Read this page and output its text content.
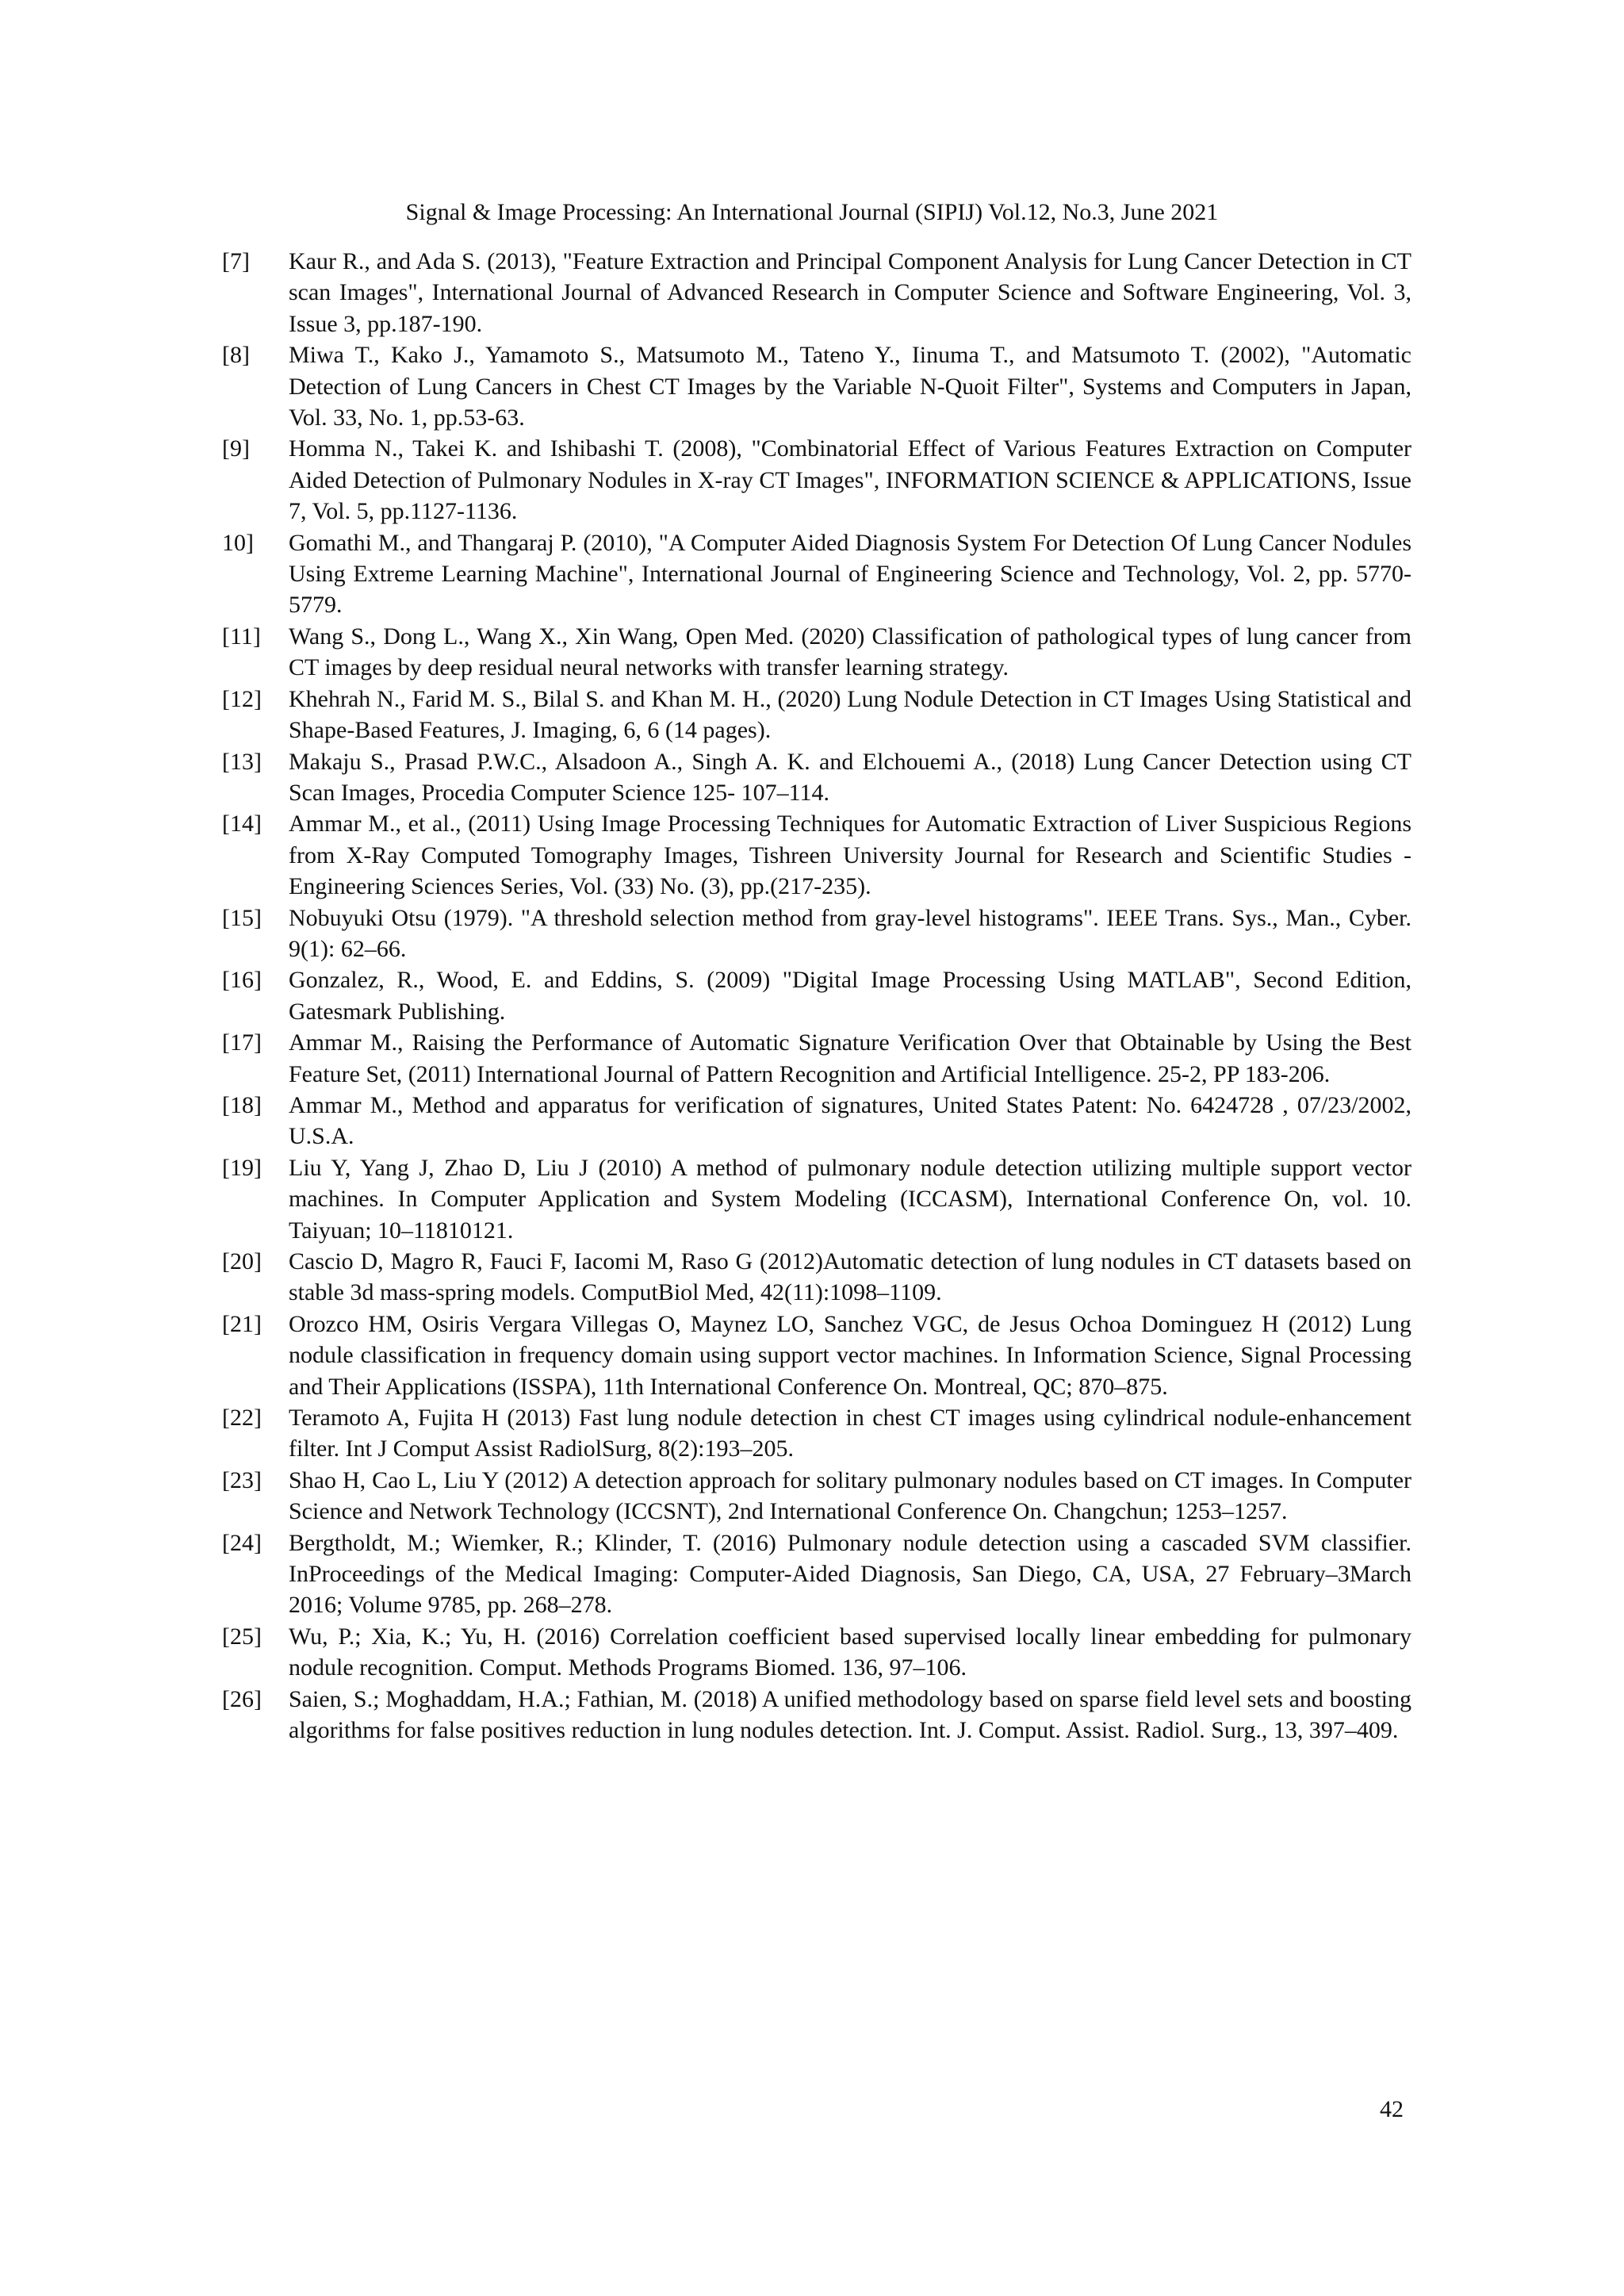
Signal & Image Processing: An International Journal (SIPIJ) Vol.12, No.3, June 2021
[7] Kaur R., and Ada S. (2013), "Feature Extraction and Principal Component Analysis for Lung Cancer Detection in CT scan Images", International Journal of Advanced Research in Computer Science and Software Engineering, Vol. 3, Issue 3, pp.187-190.
[8] Miwa T., Kako J., Yamamoto S., Matsumoto M., Tateno Y., Iinuma T., and Matsumoto T. (2002), "Automatic Detection of Lung Cancers in Chest CT Images by the Variable N-Quoit Filter", Systems and Computers in Japan, Vol. 33, No. 1, pp.53-63.
[9] Homma N., Takei K. and Ishibashi T. (2008), "Combinatorial Effect of Various Features Extraction on Computer Aided Detection of Pulmonary Nodules in X-ray CT Images", INFORMATION SCIENCE & APPLICATIONS, Issue 7, Vol. 5, pp.1127-1136.
10] Gomathi M., and Thangaraj P. (2010), "A Computer Aided Diagnosis System For Detection Of Lung Cancer Nodules Using Extreme Learning Machine", International Journal of Engineering Science and Technology, Vol. 2, pp. 5770-5779.
[11] Wang S., Dong L., Wang X., Xin Wang, Open Med. (2020) Classification of pathological types of lung cancer from CT images by deep residual neural networks with transfer learning strategy.
[12] Khehrah N., Farid M. S., Bilal S. and Khan M. H., (2020) Lung Nodule Detection in CT Images Using Statistical and Shape-Based Features, J. Imaging, 6, 6 (14 pages).
[13] Makaju S., Prasad P.W.C., Alsadoon A., Singh A. K. and Elchouemi A., (2018) Lung Cancer Detection using CT Scan Images, Procedia Computer Science 125- 107–114.
[14] Ammar M., et al., (2011) Using Image Processing Techniques for Automatic Extraction of Liver Suspicious Regions from X-Ray Computed Tomography Images, Tishreen University Journal for Research and Scientific Studies - Engineering Sciences Series, Vol. (33) No. (3), pp.(217-235).
[15] Nobuyuki Otsu (1979). "A threshold selection method from gray-level histograms". IEEE Trans. Sys., Man., Cyber. 9(1): 62–66.
[16] Gonzalez, R., Wood, E. and Eddins, S. (2009) "Digital Image Processing Using MATLAB", Second Edition, Gatesmark Publishing.
[17] Ammar M., Raising the Performance of Automatic Signature Verification Over that Obtainable by Using the Best Feature Set, (2011) International Journal of Pattern Recognition and Artificial Intelligence. 25-2, PP 183-206.
[18] Ammar M., Method and apparatus for verification of signatures, United States Patent: No. 6424728 , 07/23/2002, U.S.A.
[19] Liu Y, Yang J, Zhao D, Liu J (2010) A method of pulmonary nodule detection utilizing multiple support vector machines. In Computer Application and System Modeling (ICCASM), International Conference On, vol. 10. Taiyuan; 10–11810121.
[20] Cascio D, Magro R, Fauci F, Iacomi M, Raso G (2012)Automatic detection of lung nodules in CT datasets based on stable 3d mass-spring models. ComputBiol Med, 42(11):1098–1109.
[21] Orozco HM, Osiris Vergara Villegas O, Maynez LO, Sanchez VGC, de Jesus Ochoa Dominguez H (2012) Lung nodule classification in frequency domain using support vector machines. In Information Science, Signal Processing and Their Applications (ISSPA), 11th International Conference On. Montreal, QC; 870–875.
[22] Teramoto A, Fujita H (2013) Fast lung nodule detection in chest CT images using cylindrical nodule-enhancement filter. Int J Comput Assist RadiolSurg, 8(2):193–205.
[23] Shao H, Cao L, Liu Y (2012) A detection approach for solitary pulmonary nodules based on CT images. In Computer Science and Network Technology (ICCSNT), 2nd International Conference On. Changchun; 1253–1257.
[24] Bergtholdt, M.; Wiemker, R.; Klinder, T. (2016) Pulmonary nodule detection using a cascaded SVM classifier. InProceedings of the Medical Imaging: Computer-Aided Diagnosis, San Diego, CA, USA, 27 February–3March 2016; Volume 9785, pp. 268–278.
[25] Wu, P.; Xia, K.; Yu, H. (2016) Correlation coefficient based supervised locally linear embedding for pulmonary nodule recognition. Comput. Methods Programs Biomed. 136, 97–106.
[26] Saien, S.; Moghaddam, H.A.; Fathian, M. (2018) A unified methodology based on sparse field level sets and boosting algorithms for false positives reduction in lung nodules detection. Int. J. Comput. Assist. Radiol. Surg., 13, 397–409.
42
